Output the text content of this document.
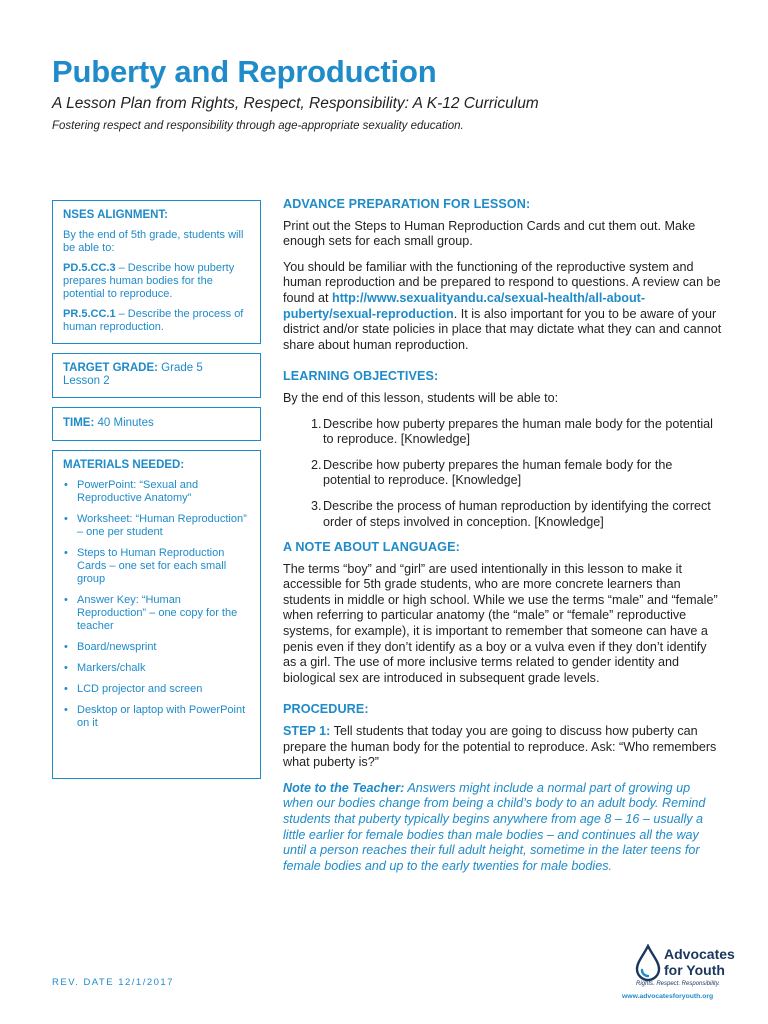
Puberty and Reproduction
A Lesson Plan from Rights, Respect, Responsibility: A K-12 Curriculum
Fostering respect and responsibility through age-appropriate sexuality education.
NSES ALIGNMENT:

By the end of 5th grade, students will be able to:

PD.5.CC.3 – Describe how puberty prepares human bodies for the potential to reproduce.

PR.5.CC.1 – Describe the process of human reproduction.

TARGET GRADE: Grade 5
Lesson 2
TIME: 40 Minutes
MATERIALS NEEDED:
• PowerPoint: “Sexual and Reproductive Anatomy”
• Worksheet: “Human Reproduction” – one per student
• Steps to Human Reproduction Cards – one set for each small group
• Answer Key: “Human Reproduction” – one copy for the teacher
• Board/newsprint
• Markers/chalk
• LCD projector and screen
• Desktop or laptop with PowerPoint on it
ADVANCE PREPARATION FOR LESSON:

Print out the Steps to Human Reproduction Cards and cut them out. Make enough sets for each small group.

You should be familiar with the functioning of the reproductive system and human reproduction and be prepared to respond to questions. A review can be found at http://www.sexualityandu.ca/sexual-health/all-about-puberty/sexual-reproduction. It is also important for you to be aware of your district and/or state policies in place that may dictate what they can and cannot share about human reproduction.

LEARNING OBJECTIVES:

By the end of this lesson, students will be able to:

1. Describe how puberty prepares the human male body for the potential to reproduce. [Knowledge]
2. Describe how puberty prepares the human female body for the potential to reproduce. [Knowledge]
3. Describe the process of human reproduction by identifying the correct order of steps involved in conception. [Knowledge]
A NOTE ABOUT LANGUAGE:

The terms “boy” and “girl” are used intentionally in this lesson to make it accessible for 5th grade students, who are more concrete learners than students in middle or high school. While we use the terms “male” and “female” when referring to particular anatomy (the “male” or “female” reproductive systems, for example), it is important to remember that someone can have a penis even if they don’t identify as a boy or a vulva even if they don’t identify as a girl. The use of more inclusive terms related to gender identity and biological sex are introduced in subsequent grade levels.

PROCEDURE:

STEP 1: Tell students that today you are going to discuss how puberty can prepare the human body for the potential to reproduce. Ask: “Who remembers what puberty is?”

Note to the Teacher: Answers might include a normal part of growing up when our bodies change from being a child’s body to an adult body. Remind students that puberty typically begins anywhere from age 8 – 16 – usually a little earlier for female bodies than male bodies – and continues all the way until a person reaches their full adult height, sometime in the later teens for female bodies and up to the early twenties for male bodies.

REV. DATE 12/1/2017
Advocates
for Youth
Rights. Respect. Responsibility.
www.advocatesforyouth.org
